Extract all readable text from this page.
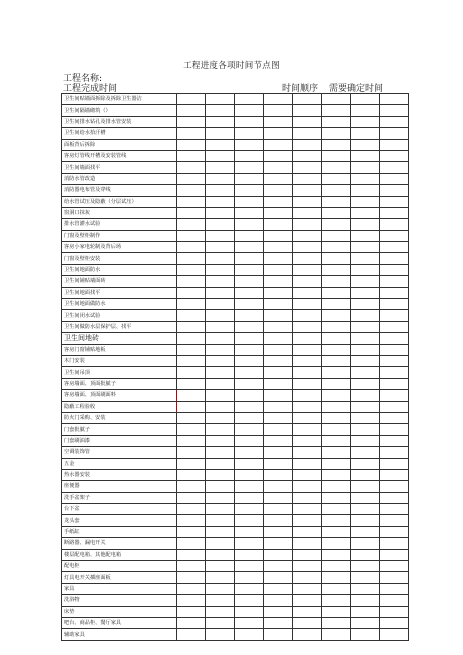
工程进度各项时间节点图
工程名称:
工程完成时间	时间顺序 需要确定时间
卫生间贴墙面拆除及拆除卫生器洁								
卫生间隔墙砌筑（）								
卫生间排水钻孔及排水管安装								
卫生间给水拾汗槽								
面板背后拆除								
客房灯管线开槽及安装管线								
卫生间墙面找平								
消防水管改造								
消防器电布管及穿线								
给水管试压及隐蔽（分层试压）								
窗洞口抹灰								
排水管灌水试验								
门窗及壁柜制作								
客房小家电轮制及背后场								
门窗及壁柜安装								
卫生间地面防水								
卫生间铺贴墙面砖								
卫生间地面找平								
卫生间地面做防水								
卫生间闭水试验								
卫生间做防水层保护层、找平								
卫生间地砖								
客房门窗铺贴地板								
木门安装								
卫生间吊顶								
客房墙面、顶面批腻子								
客房墙面、顶面刷面料								
隐蔽工程验收								
防火门采购、安装								
门套批腻子								
门套刷油漆								
空调装饰管								
五金								
热水器安装								
座便器								
洗手盆架子								
台下盆								
龙头套								
手纸缸								
断路器、漏电开关								
楼层配电箱、其他配电箱								
配电柜								
灯具电开关插座面板								
家具								
洗浴物								
床垫								
吧台、商品柜、餐厅家具								
辅助家具								
